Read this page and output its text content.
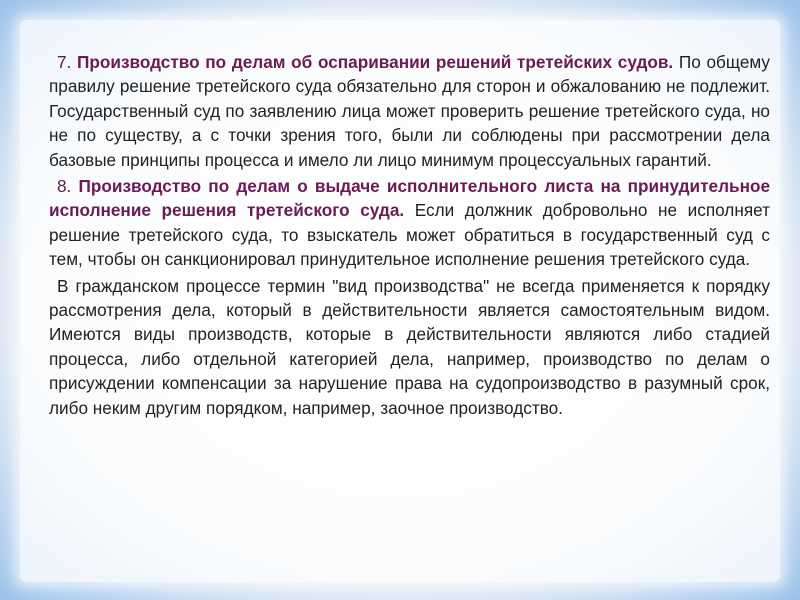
7. Производство по делам об оспаривании решений третейских судов. По общему правилу решение третейского суда обязательно для сторон и обжалованию не подлежит. Государственный суд по заявлению лица может проверить решение третейского суда, но не по существу, а с точки зрения того, были ли соблюдены при рассмотрении дела базовые принципы процесса и имело ли лицо минимум процессуальных гарантий.

8. Производство по делам о выдаче исполнительного листа на принудительное исполнение решения третейского суда. Если должник добровольно не исполняет решение третейского суда, то взыскатель может обратиться в государственный суд с тем, чтобы он санкционировал принудительное исполнение решения третейского суда.

В гражданском процессе термин "вид производства" не всегда применяется к порядку рассмотрения дела, который в действительности является самостоятельным видом. Имеются виды производств, которые в действительности являются либо стадией процесса, либо отдельной категорией дела, например, производство по делам о присуждении компенсации за нарушение права на судопроизводство в разумный срок, либо неким другим порядком, например, заочное производство.
